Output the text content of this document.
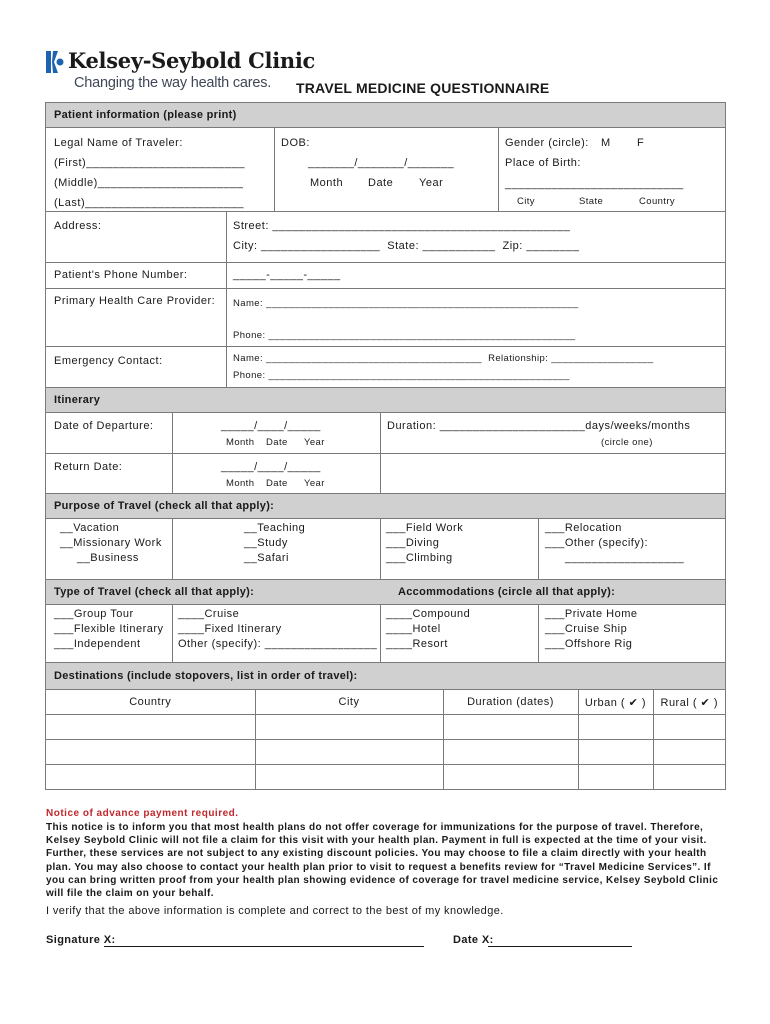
Kelsey-Seybold Clinic
Changing the way health cares. TRAVEL MEDICINE QUESTIONNAIRE
Patient information (please print)
Legal Name of Traveler:
(First)________________________
(Middle)______________________
(Last)________________________
DOB:
_______/_______/_______
Month Date Year
Gender (circle): M F
Place of Birth:
___________________________
City	State	Country
Address:	Street: _____________________________________________
City: __________________  State: ___________  Zip: ________
Patient's Phone Number:	_____-_____-_____
Primary Health Care Provider: Name: _______________________________________________________
Phone: ______________________________________________________
Emergency Contact:	Name: ______________________________________  Relationship: __________________
Phone: _____________________________________________________
Itinerary
Date of Departure:	_____/____/_____
Month Date Year
Duration: ______________________days/weeks/months
(circle one)
Return Date:	_____/____/_____
Month Date Year
Purpose of Travel (check all that apply):
__Vacation
__Missionary Work
__Business
__Teaching
__Study
__Safari
___Field Work
___Diving
___Climbing
___Relocation
___Other (specify):
__________________
Type of Travel (check all that apply):	Accommodations (circle all that apply):
___Group Tour
___Flexible Itinerary
___Independent
____Cruise
____Fixed Itinerary
Other (specify): _________________
____Compound
____Hotel
____Resort
___Private Home
___Cruise Ship
___Offshore Rig
Destinations (include stopovers, list in order of travel):
Country	City	Duration (dates)	Urban ( ✔ )	Rural ( ✔ )

Notice of advance payment required.
This notice is to inform you that most health plans do not offer coverage for immunizations for the purpose of travel. Therefore, Kelsey Seybold Clinic will not file a claim for this visit with your health plan. Payment in full is expected at the time of your visit. Further, these services are not subject to any existing discount policies. You may choose to file a claim directly with your health plan. You may also choose to contact your health plan prior to visit to request a benefits review for “Travel Medicine Services”. If you can bring written proof from your health plan showing evidence of coverage for travel medicine service, Kelsey Seybold Clinic will file the claim on your behalf.
I verify that the above information is complete and correct to the best of my knowledge.
Signature X:	Date X:
